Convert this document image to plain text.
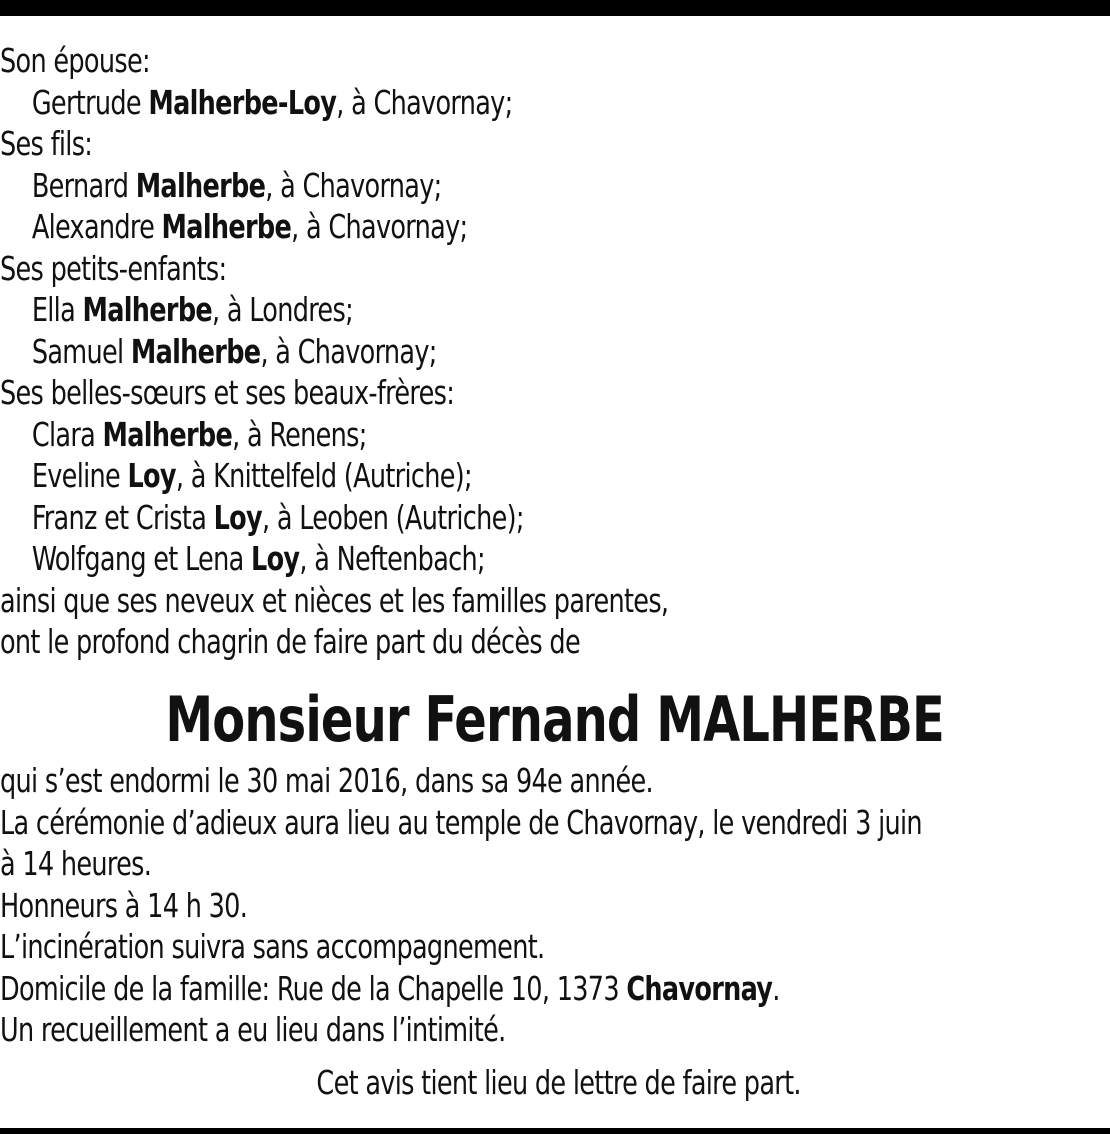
Son épouse:
Gertrude Malherbe-Loy, à Chavornay;
Ses fils:
Bernard Malherbe, à Chavornay;
Alexandre Malherbe, à Chavornay;
Ses petits-enfants:
Ella Malherbe, à Londres;
Samuel Malherbe, à Chavornay;
Ses belles-sœurs et ses beaux-frères:
Clara Malherbe, à Renens;
Eveline Loy, à Knittelfeld (Autriche);
Franz et Crista Loy, à Leoben (Autriche);
Wolfgang et Lena Loy, à Neftenbach;
ainsi que ses neveux et nièces et les familles parentes,
ont le profond chagrin de faire part du décès de
Monsieur Fernand MALHERBE
qui s’est endormi le 30 mai 2016, dans sa 94e année.
La cérémonie d’adieux aura lieu au temple de Chavornay, le vendredi 3 juin
à 14 heures.
Honneurs à 14 h 30.
L’incinération suivra sans accompagnement.
Domicile de la famille: Rue de la Chapelle 10, 1373 Chavornay.
Un recueillement a eu lieu dans l’intimité.
Cet avis tient lieu de lettre de faire part.
